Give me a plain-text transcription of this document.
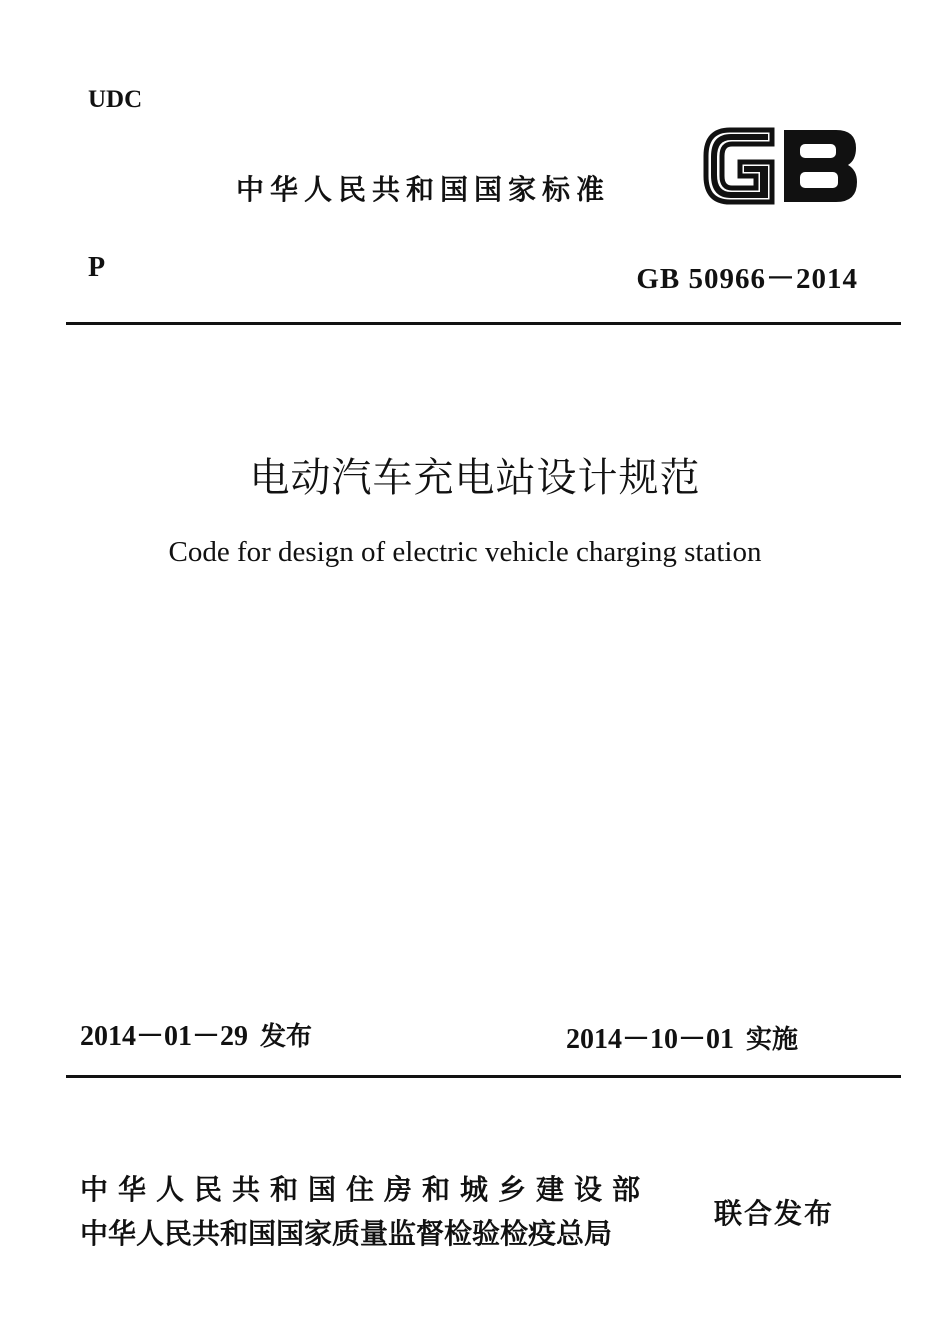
UDC
中华人民共和国国家标准
P	GB 50966－2014
电动汽车充电站设计规范
Code for design of electric vehicle charging station
2014－01－29 发布	2014－10－01 实施
中华人民共和国住房和城乡建设部
中华人民共和国国家质量监督检验检疫总局
联合发布
